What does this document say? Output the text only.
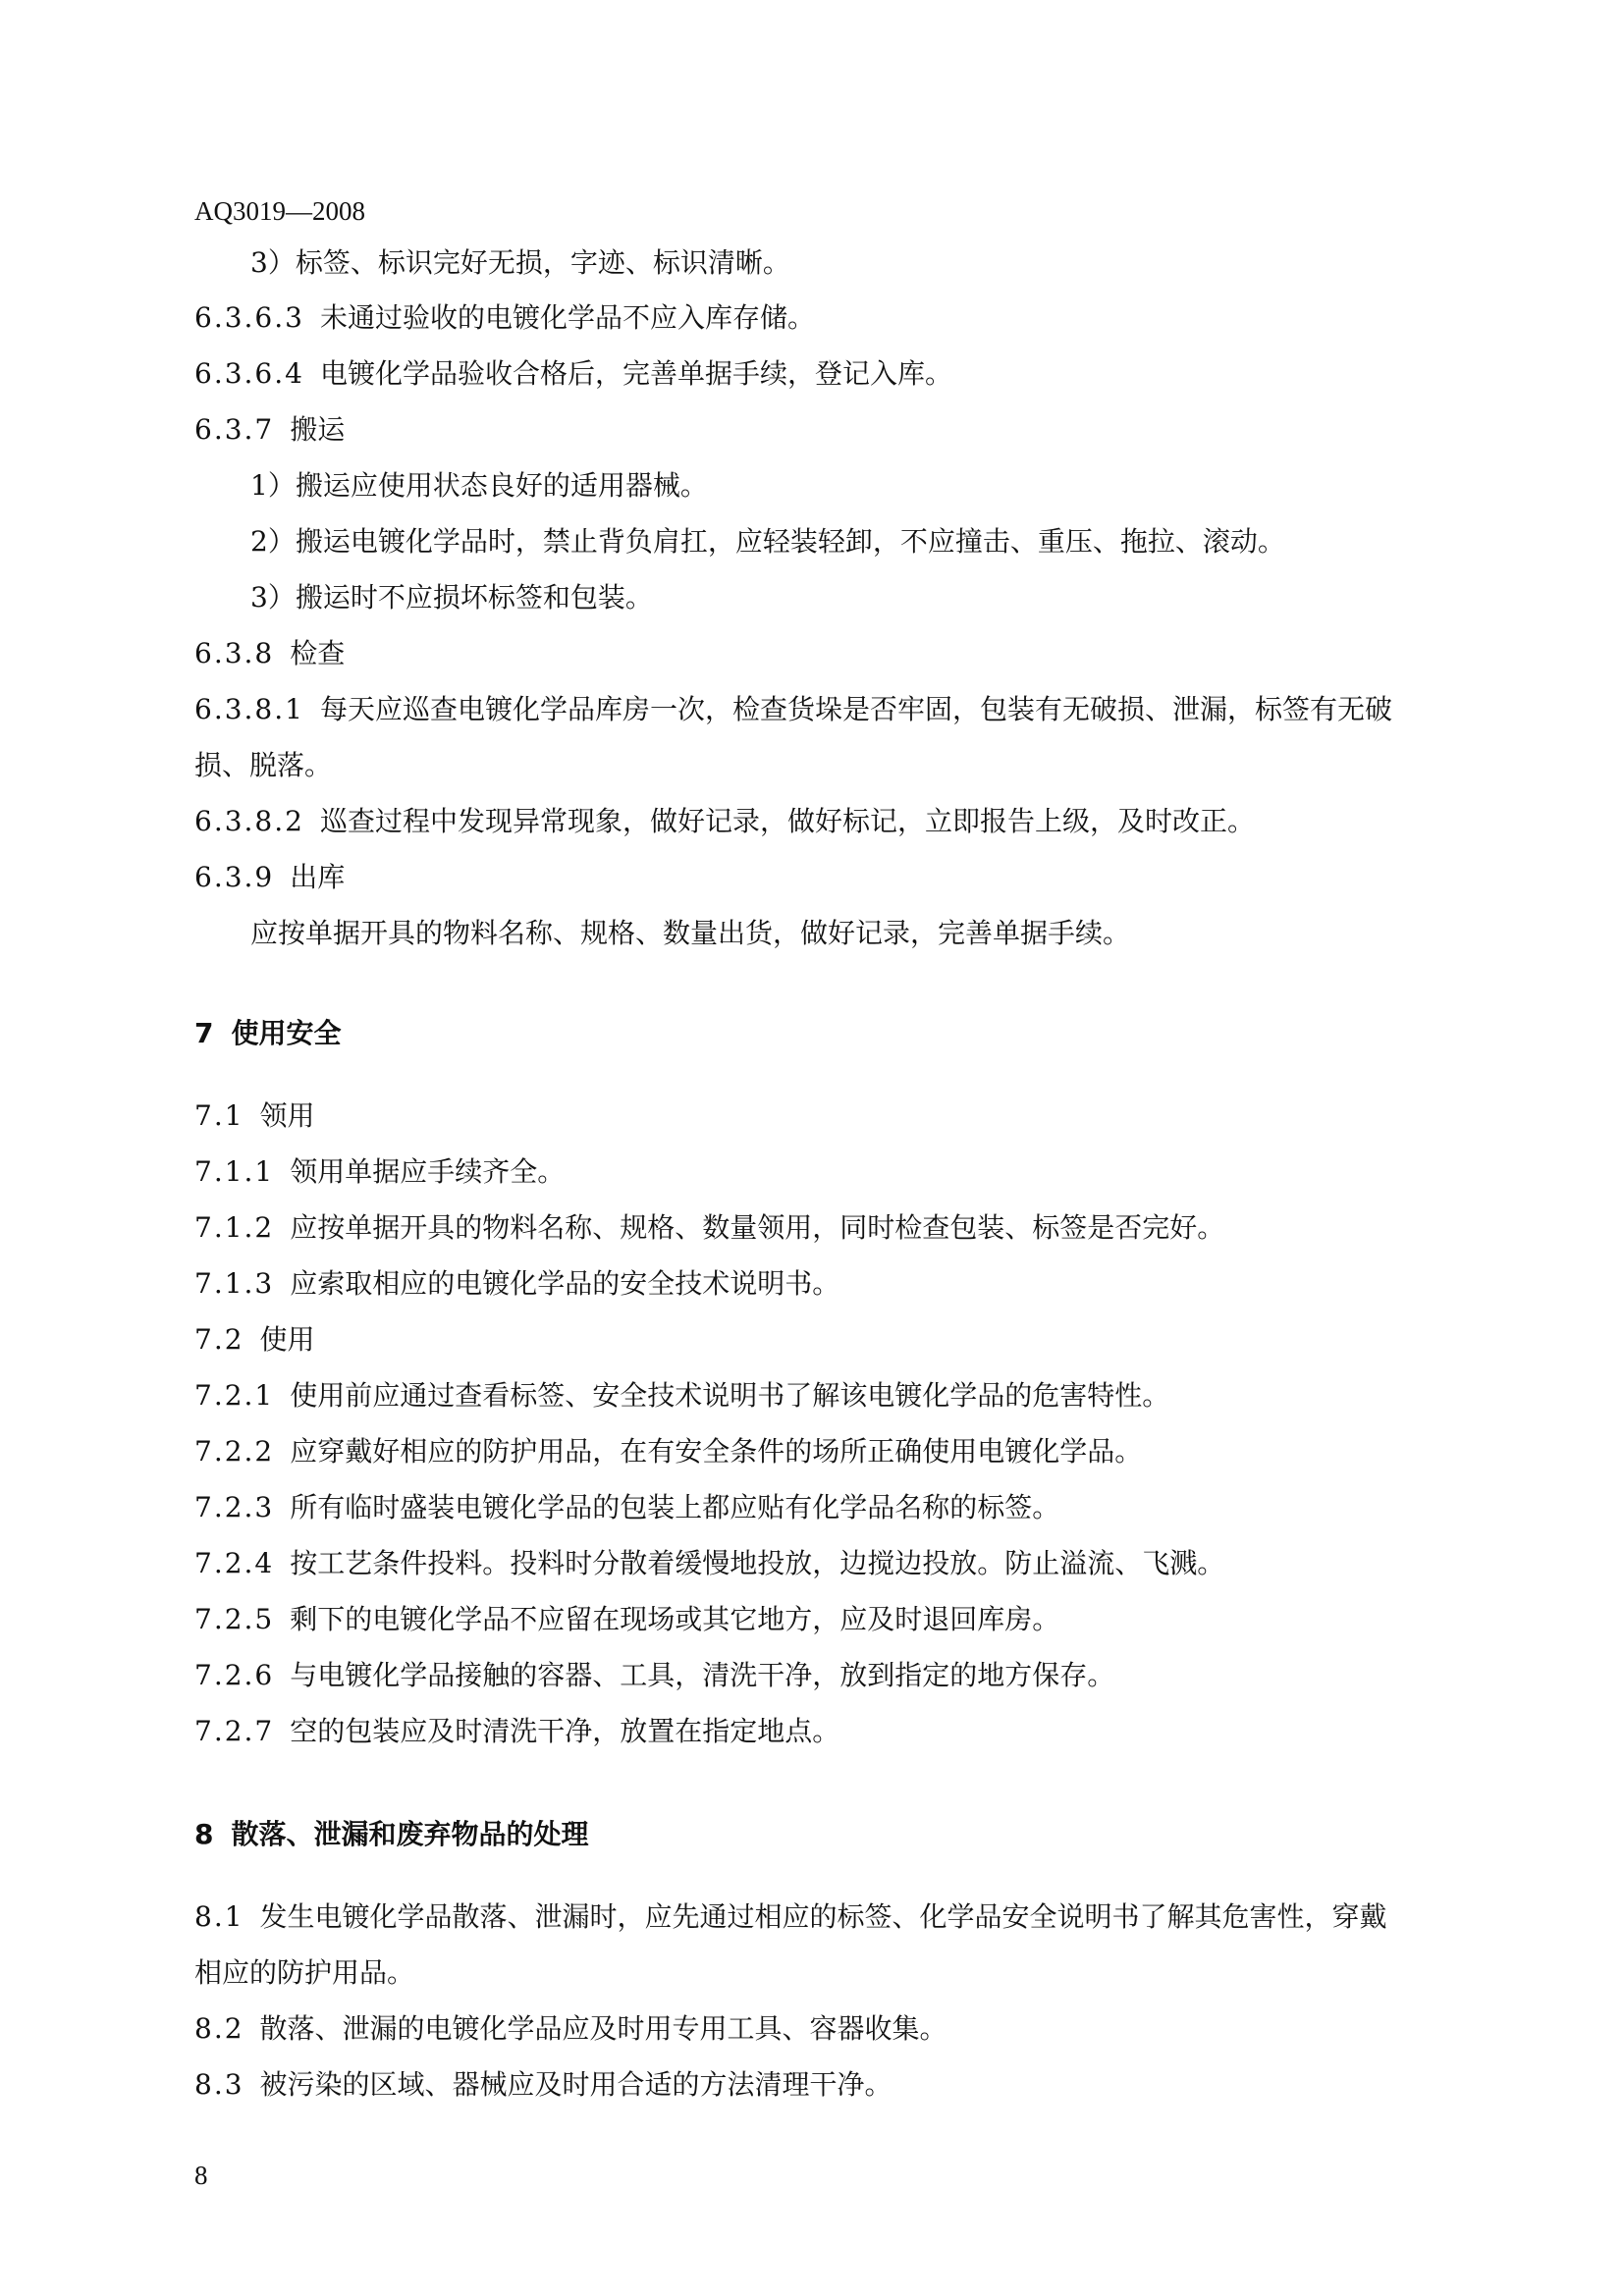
AQ3019—2008
3）标签、标识完好无损，字迹、标识清晰。
6.3.6.3 未通过验收的电镀化学品不应入库存储。
6.3.6.4 电镀化学品验收合格后，完善单据手续，登记入库。
6.3.7 搬运
1）搬运应使用状态良好的适用器械。
2）搬运电镀化学品时，禁止背负肩扛，应轻装轻卸，不应撞击、重压、拖拉、滚动。
3）搬运时不应损坏标签和包装。
6.3.8 检查
6.3.8.1 每天应巡查电镀化学品库房一次，检查货垛是否牢固，包装有无破损、泄漏，标签有无破
损、脱落。
6.3.8.2 巡查过程中发现异常现象，做好记录，做好标记，立即报告上级，及时改正。
6.3.9 出库
应按单据开具的物料名称、规格、数量出货，做好记录，完善单据手续。
7 使用安全
7.1 领用
7.1.1 领用单据应手续齐全。
7.1.2 应按单据开具的物料名称、规格、数量领用，同时检查包装、标签是否完好。
7.1.3 应索取相应的电镀化学品的安全技术说明书。
7.2 使用
7.2.1 使用前应通过查看标签、安全技术说明书了解该电镀化学品的危害特性。
7.2.2 应穿戴好相应的防护用品，在有安全条件的场所正确使用电镀化学品。
7.2.3 所有临时盛装电镀化学品的包装上都应贴有化学品名称的标签。
7.2.4 按工艺条件投料。投料时分散着缓慢地投放，边搅边投放。防止溢流、飞溅。
7.2.5 剩下的电镀化学品不应留在现场或其它地方，应及时退回库房。
7.2.6 与电镀化学品接触的容器、工具，清洗干净，放到指定的地方保存。
7.2.7 空的包装应及时清洗干净，放置在指定地点。
8 散落、泄漏和废弃物品的处理
8.1 发生电镀化学品散落、泄漏时，应先通过相应的标签、化学品安全说明书了解其危害性，穿戴
相应的防护用品。
8.2 散落、泄漏的电镀化学品应及时用专用工具、容器收集。
8.3 被污染的区域、器械应及时用合适的方法清理干净。
8
